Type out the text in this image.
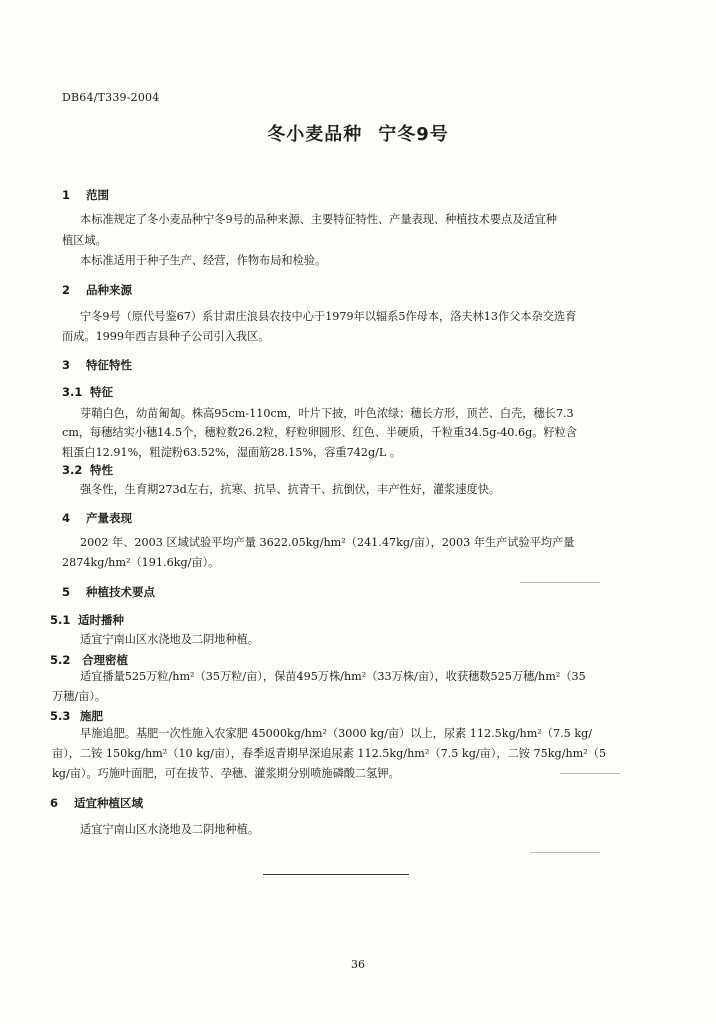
DB64/T339-2004
冬小麦品种 宁冬9号
1 范围
本标准规定了冬小麦品种宁冬9号的品种来源、主要特征特性、产量表现、种植技术要点及适宜种
植区域。
本标准适用于种子生产、经营，作物布局和检验。
2 品种来源
宁冬9号（原代号鉴67）系甘肃庄浪县农技中心于1979年以辐系5作母本，洛夫林13作父本杂交选育
而成。1999年西吉县种子公司引入我区。
3 特征特性
3.1 特征
芽鞘白色，幼苗匍匐。株高95cm-110cm，叶片下披，叶色浓绿；穗长方形，顶芒、白壳，穗长7.3
cm，每穗结实小穗14.5个，穗粒数26.2粒，籽粒卵圆形、红色、半硬质，千粒重34.5g-40.6g。籽粒含
粗蛋白12.91%，粗淀粉63.52%，湿面筋28.15%，容重742g/L 。
3.2 特性
强冬性，生育期273d左右，抗寒、抗旱、抗青干、抗倒伏，丰产性好，灌浆速度快。
4 产量表现
2002 年、2003 区域试验平均产量 3622.05kg/hm²（241.47kg/亩），2003 年生产试验平均产量
2874kg/hm²（191.6kg/亩）。
5 种植技术要点
5.1 适时播种
适宜宁南山区水浇地及二阴地种植。
5.2 合理密植
适宜播量525万粒/hm²（35万粒/亩），保苗495万株/hm²（33万株/亩），收获穗数525万穗/hm²（35
万穗/亩）。
5.3 施肥
早施追肥。基肥一次性施入农家肥 45000kg/hm²（3000 kg/亩）以上，尿素 112.5kg/hm²（7.5 kg/
亩），二铵 150kg/hm²（10 kg/亩），春季返青期早深追尿素 112.5kg/hm²（7.5 kg/亩），二铵 75kg/hm²（5
kg/亩）。巧施叶面肥，可在拔节、孕穗、灌浆期分别喷施磷酸二氢钾。
6 适宜种植区域
适宜宁南山区水浇地及二阴地种植。
36
